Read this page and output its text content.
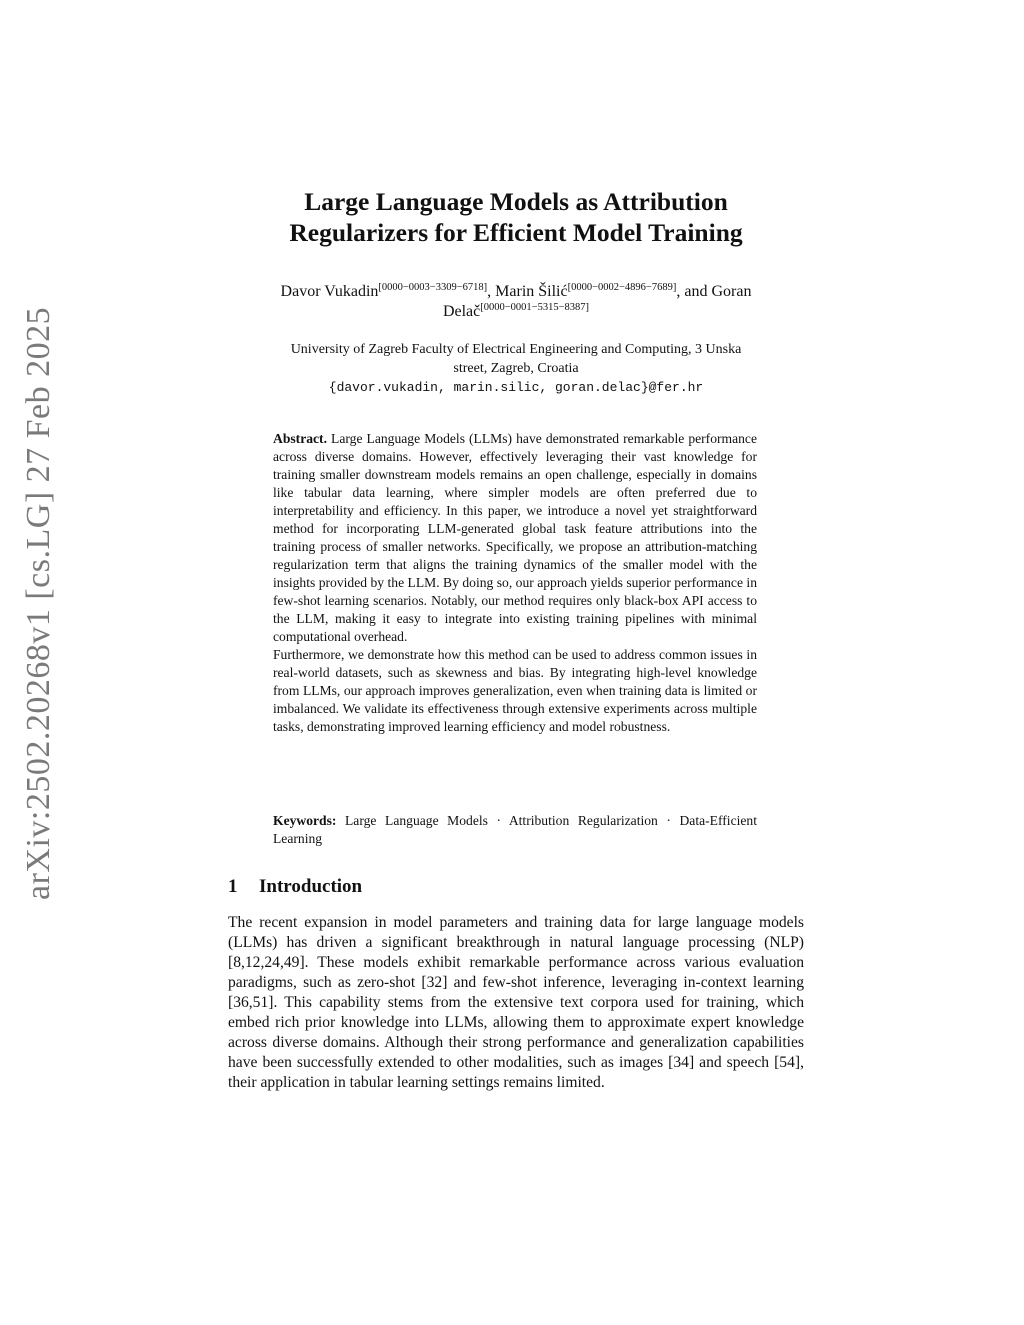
arXiv:2502.20268v1 [cs.LG] 27 Feb 2025
Large Language Models as Attribution
Regularizers for Efficient Model Training
Davor Vukadin[0000−0003−3309−6718], Marin Šilić[0000−0002−4896−7689], and Goran
Delač[0000−0001−5315−8387]
University of Zagreb Faculty of Electrical Engineering and Computing, 3 Unska
street, Zagreb, Croatia
{davor.vukadin, marin.silic, goran.delac}@fer.hr

Abstract. Large Language Models (LLMs) have demonstrated remarkable performance across diverse domains. However, effectively leveraging their vast knowledge for training smaller downstream models remains an open challenge, especially in domains like tabular data learning, where simpler models are often preferred due to interpretability and efficiency. In this paper, we introduce a novel yet straightforward method for incorporating LLM-generated global task feature attributions into the training process of smaller networks. Specifically, we propose an attribution-matching regularization term that aligns the training dynamics of the smaller model with the insights provided by the LLM. By doing so, our approach yields superior performance in few-shot learning scenarios. Notably, our method requires only black-box API access to the LLM, making it easy to integrate into existing training pipelines with minimal computational overhead.

Furthermore, we demonstrate how this method can be used to address common issues in real-world datasets, such as skewness and bias. By integrating high-level knowledge from LLMs, our approach improves generalization, even when training data is limited or imbalanced. We validate its effectiveness through extensive experiments across multiple tasks, demonstrating improved learning efficiency and model robustness.

Keywords: Large Language Models · Attribution Regularization · Data-Efficient Learning
1 Introduction

The recent expansion in model parameters and training data for large language models (LLMs) has driven a significant breakthrough in natural language processing (NLP) [8,12,24,49]. These models exhibit remarkable performance across various evaluation paradigms, such as zero-shot [32] and few-shot inference, leveraging in-context learning [36,51]. This capability stems from the extensive text corpora used for training, which embed rich prior knowledge into LLMs, allowing them to approximate expert knowledge across diverse domains. Although their strong performance and generalization capabilities have been successfully extended to other modalities, such as images [34] and speech [54], their application in tabular learning settings remains limited.
